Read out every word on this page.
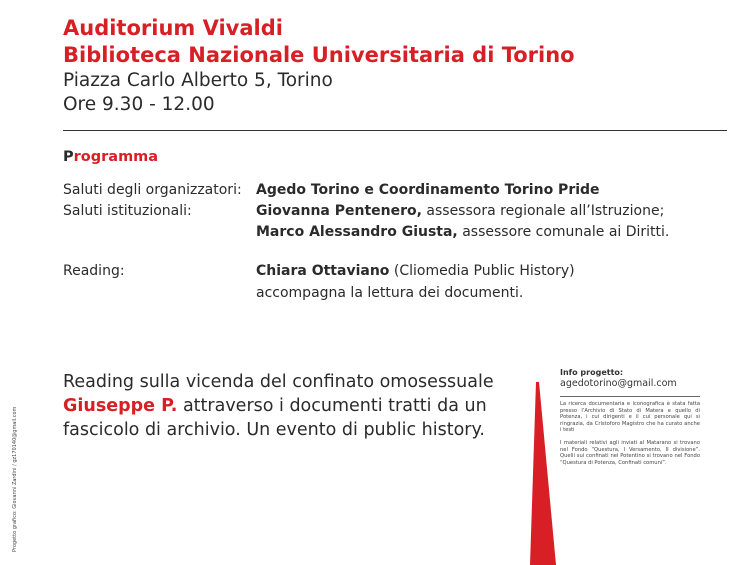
Auditorium Vivaldi
Biblioteca Nazionale Universitaria di Torino
Piazza Carlo Alberto 5, Torino
Ore 9.30 - 12.00
Programma
Saluti degli organizzatori: Agedo Torino e Coordinamento Torino Pride
Saluti istituzionali:	Giovanna Pentenero, assessora regionale all’Istruzione;
Marco Alessandro Giusta, assessore comunale ai Diritti.
Reading:	Chiara Ottaviano (Cliomedia Public History)
accompagna la lettura dei documenti.
Reading sulla vicenda del confinato omosessuale
Giuseppe P. attraverso i documenti tratti da un
fascicolo di archivio. Un evento di public history.
Progetto grafico: Giovanni Zardini / gz170140@gmail.com
Info progetto:
agedotorino@gmail.com

La ricerca documentaria e iconografica è stata fatta presso l’Archivio di Stato di Matera e quello di Potenza, i cui dirigenti e il cui personale qui si ringrazia, da Cristoforo Magistro che ha curato anche i testi

I materiali relativi agli inviati al Matarano si trovano nel Fondo “Questura, I Versamento, II divisione”. Quelli sui confinati nel Potentino si trovano nel Fondo “Questura di Potenza, Confinati comuni”.
